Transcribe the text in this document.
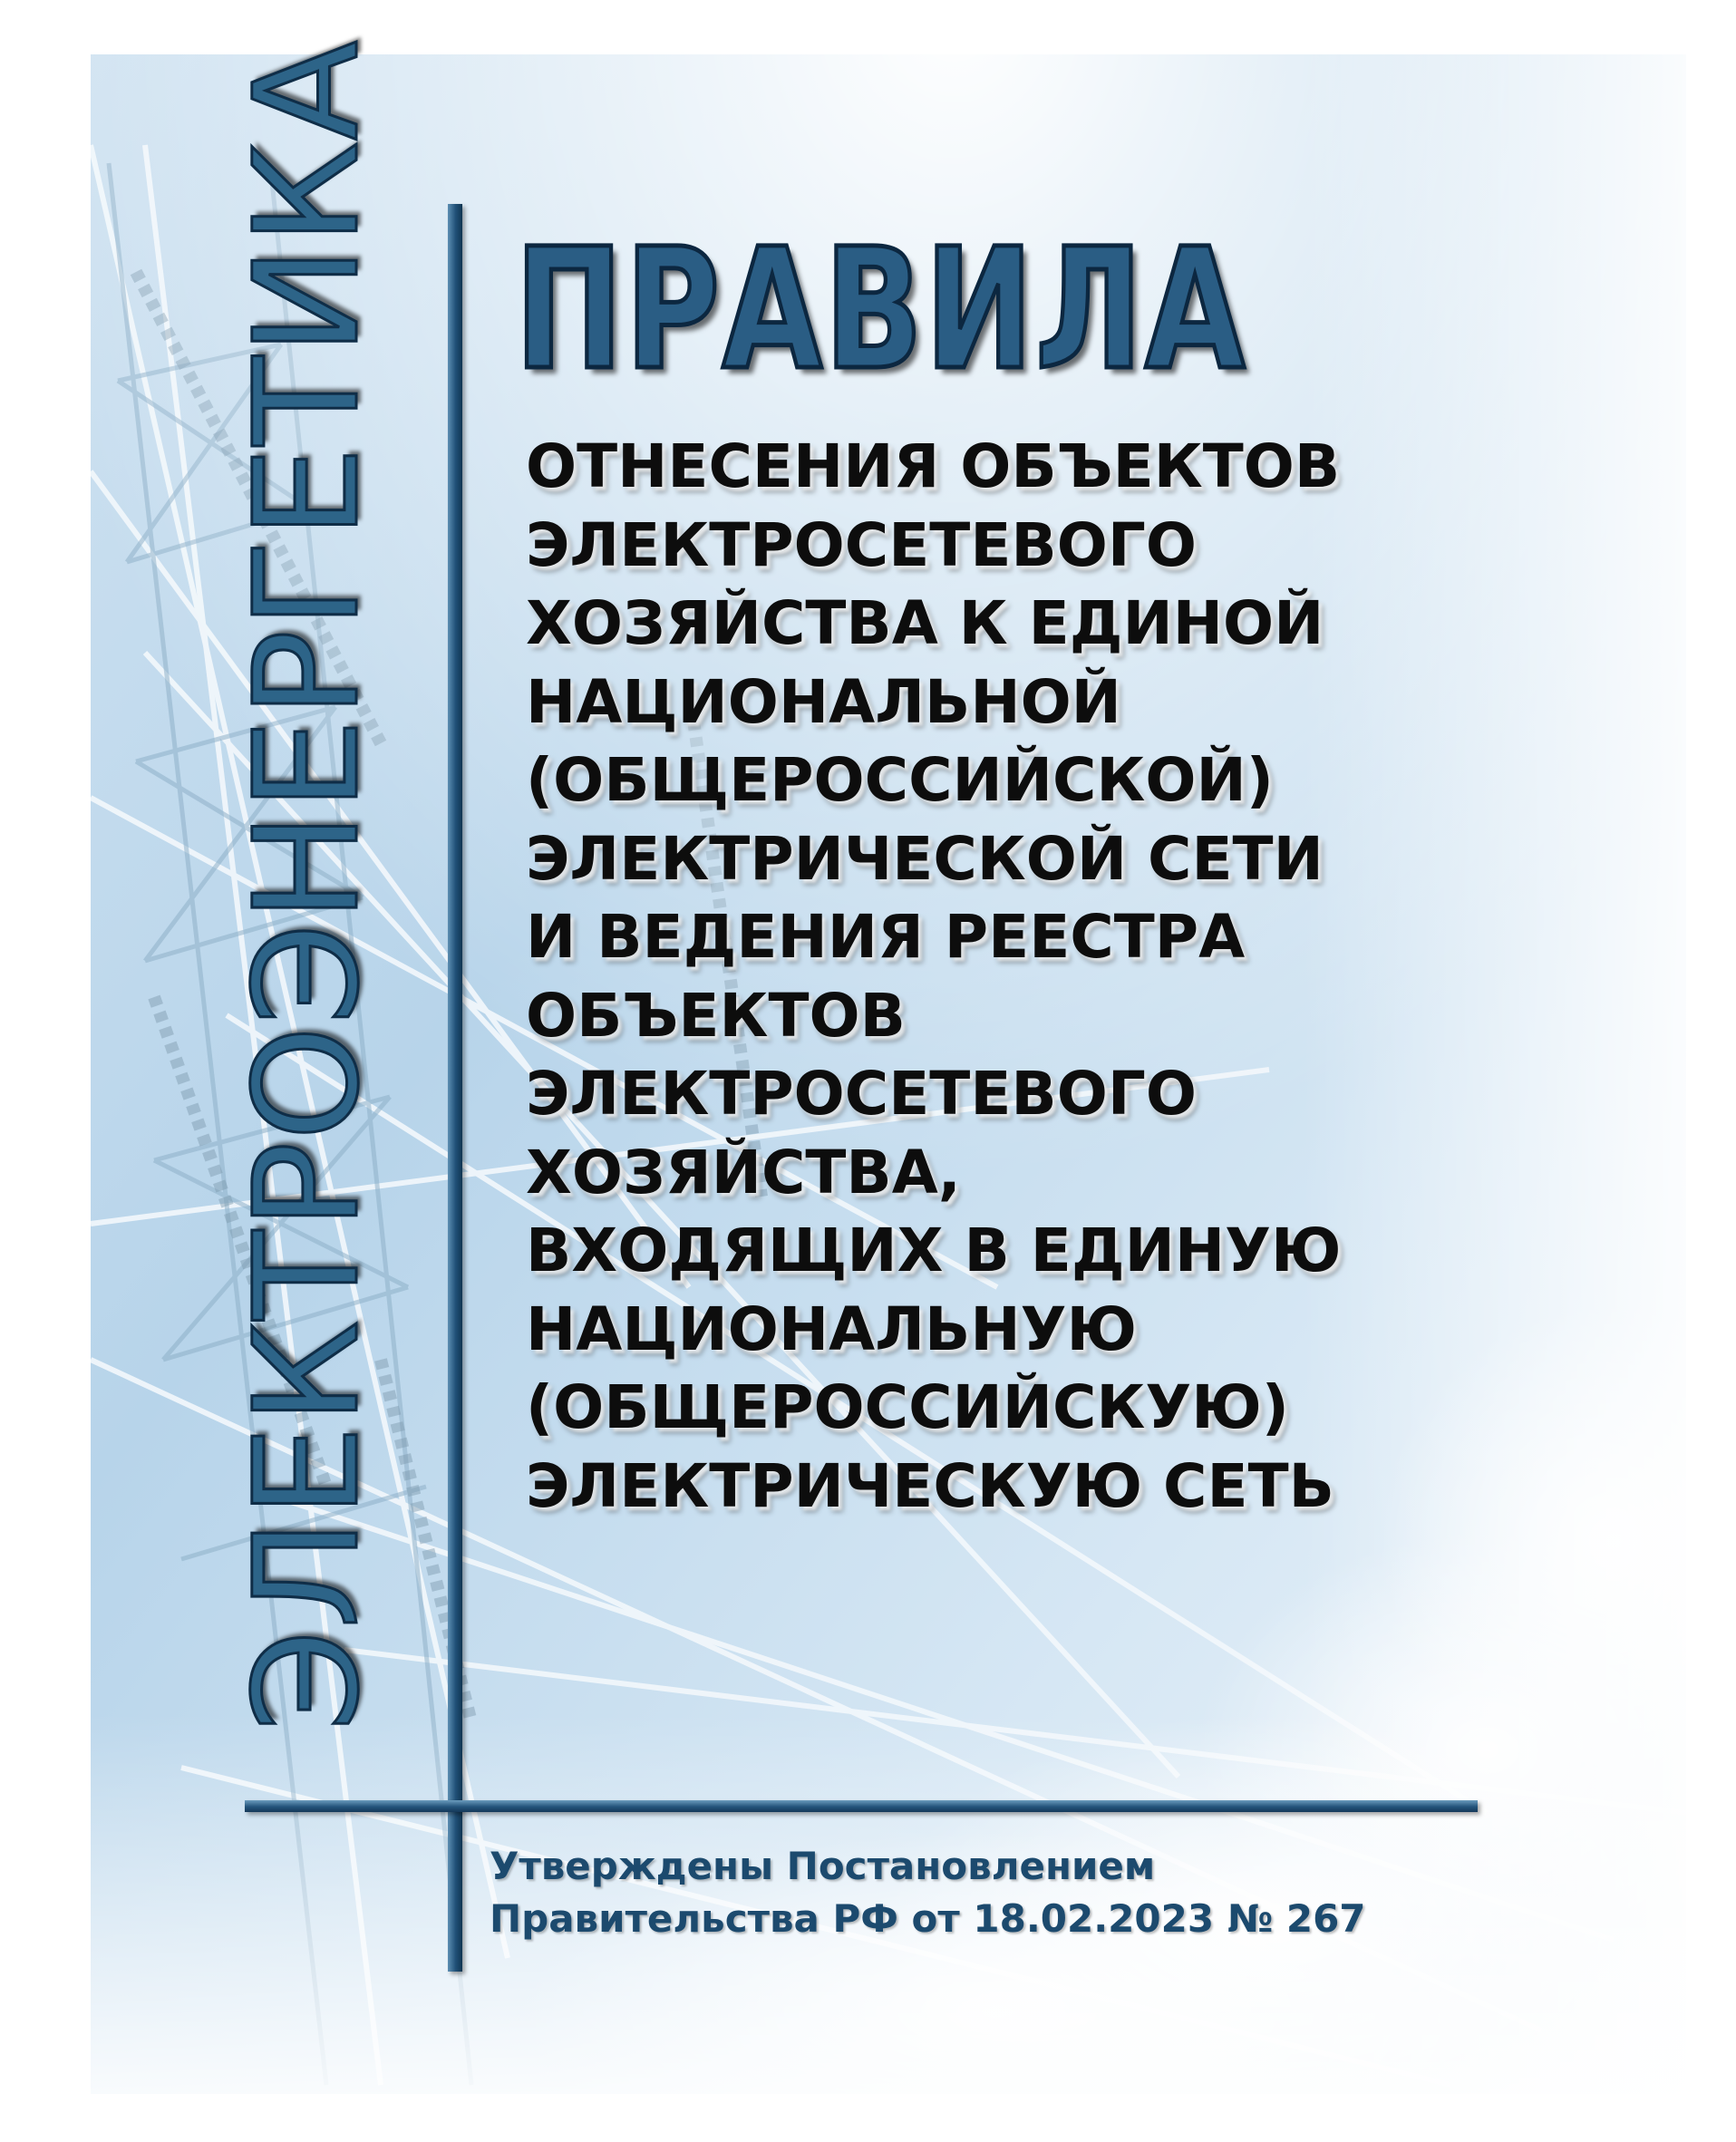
ЭЛЕКТРОЭНЕРГЕТИКА ПРАВИЛА
ОТНЕСЕНИЯ ОБЪЕКТОВ
ЭЛЕКТРОСЕТЕВОГО
ХОЗЯЙСТВА К ЕДИНОЙ
НАЦИОНАЛЬНОЙ
(ОБЩЕРОССИЙСКОЙ)
ЭЛЕКТРИЧЕСКОЙ СЕТИ
И ВЕДЕНИЯ РЕЕСТРА
ОБЪЕКТОВ
ЭЛЕКТРОСЕТЕВОГО
ХОЗЯЙСТВА,
ВХОДЯЩИХ В ЕДИНУЮ
НАЦИОНАЛЬНУЮ
(ОБЩЕРОССИЙСКУЮ)
ЭЛЕКТРИЧЕСКУЮ СЕТЬ
Утверждены Постановлением
Правительства РФ от 18.02.2023 № 267
